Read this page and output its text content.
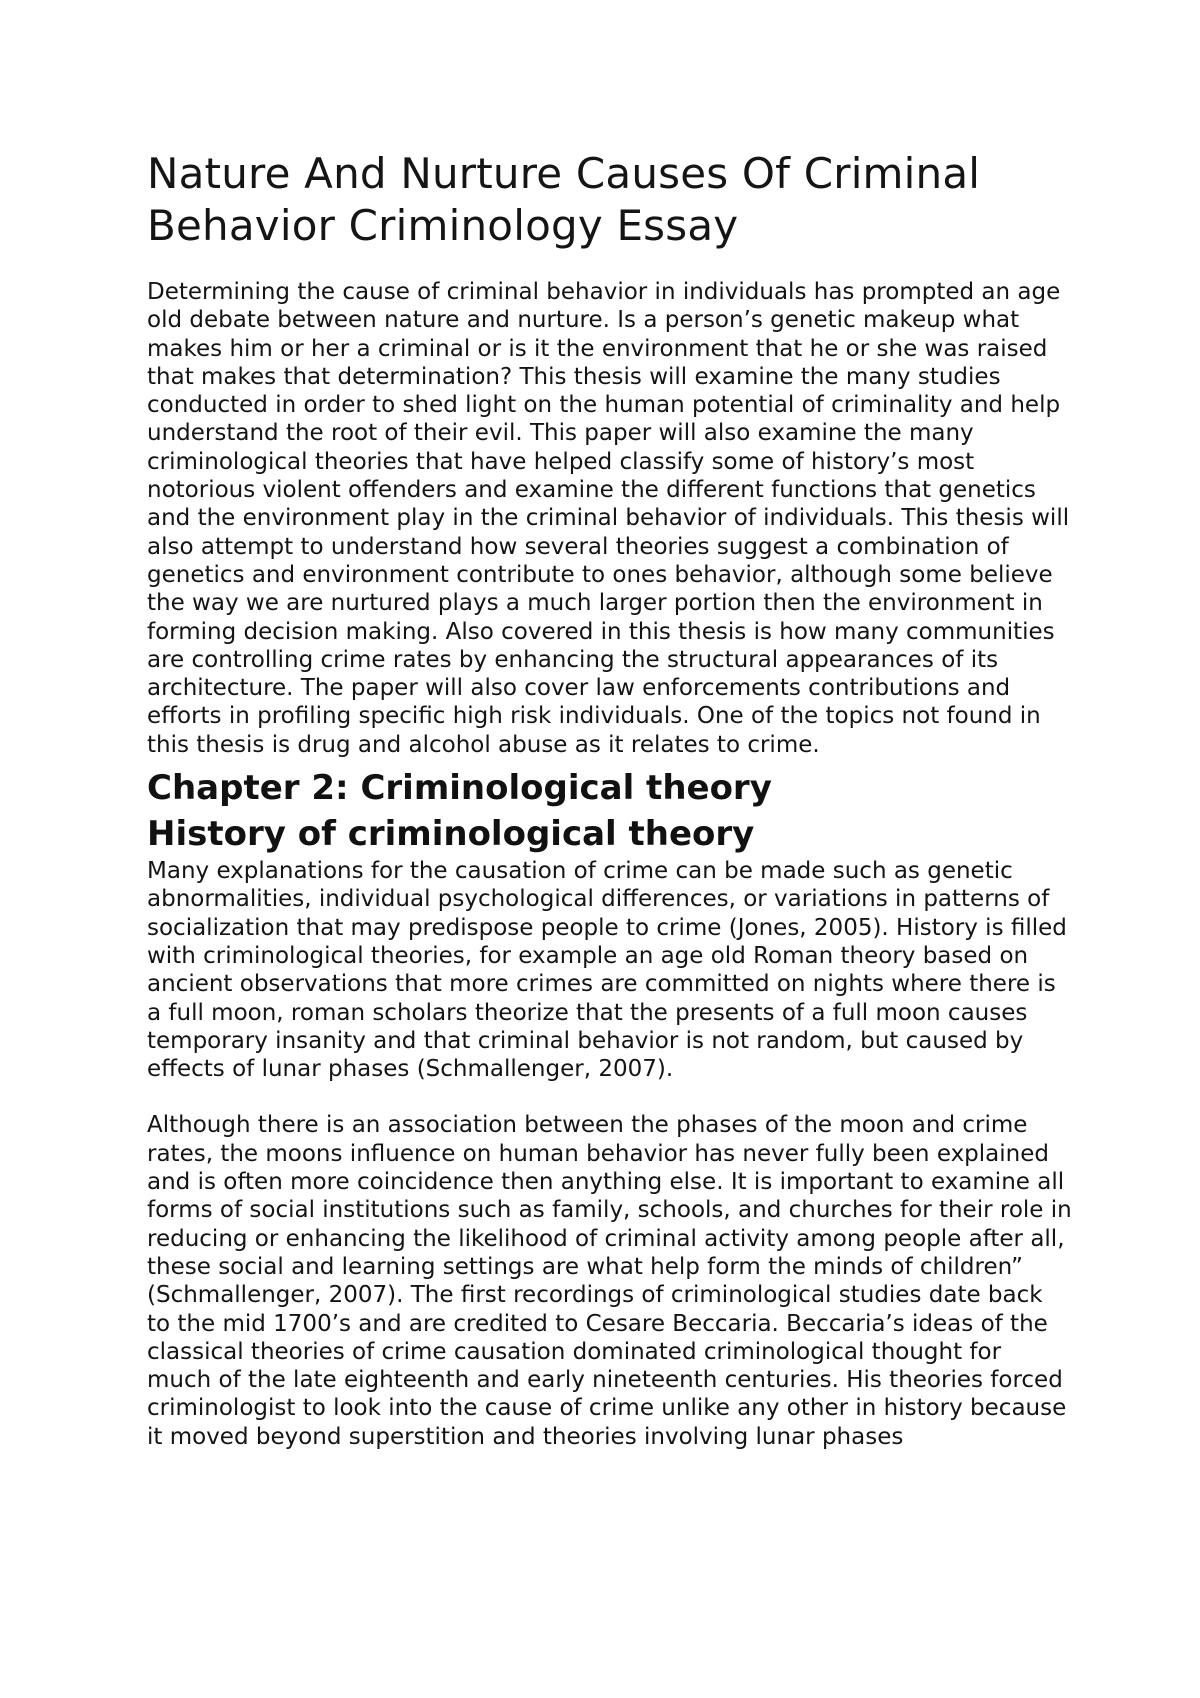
Nature And Nurture Causes Of Criminal Behavior Criminology Essay

Determining the cause of criminal behavior in individuals has prompted an age old debate between nature and nurture. Is a person’s genetic makeup what makes him or her a criminal or is it the environment that he or she was raised that makes that determination? This thesis will examine the many studies conducted in order to shed light on the human potential of criminality and help understand the root of their evil. This paper will also examine the many criminological theories that have helped classify some of history’s most notorious violent offenders and examine the different functions that genetics and the environment play in the criminal behavior of individuals. This thesis will also attempt to understand how several theories suggest a combination of genetics and environment contribute to ones behavior, although some believe the way we are nurtured plays a much larger portion then the environment in forming decision making. Also covered in this thesis is how many communities are controlling crime rates by enhancing the structural appearances of its architecture. The paper will also cover law enforcements contributions and efforts in profiling specific high risk individuals. One of the topics not found in this thesis is drug and alcohol abuse as it relates to crime.

Chapter 2: Criminological theory
History of criminological theory

Many explanations for the causation of crime can be made such as genetic abnormalities, individual psychological differences, or variations in patterns of socialization that may predispose people to crime (Jones, 2005). History is filled with criminological theories, for example an age old Roman theory based on ancient observations that more crimes are committed on nights where there is a full moon, roman scholars theorize that the presents of a full moon causes temporary insanity and that criminal behavior is not random, but caused by effects of lunar phases (Schmallenger, 2007).

Although there is an association between the phases of the moon and crime rates, the moons influence on human behavior has never fully been explained and is often more coincidence then anything else. It is important to examine all forms of social institutions such as family, schools, and churches for their role in reducing or enhancing the likelihood of criminal activity among people after all, these social and learning settings are what help form the minds of children” (Schmallenger, 2007). The first recordings of criminological studies date back to the mid 1700’s and are credited to Cesare Beccaria. Beccaria’s ideas of the classical theories of crime causation dominated criminological thought for much of the late eighteenth and early nineteenth centuries. His theories forced criminologist to look into the cause of crime unlike any other in history because it moved beyond superstition and theories involving lunar phases
